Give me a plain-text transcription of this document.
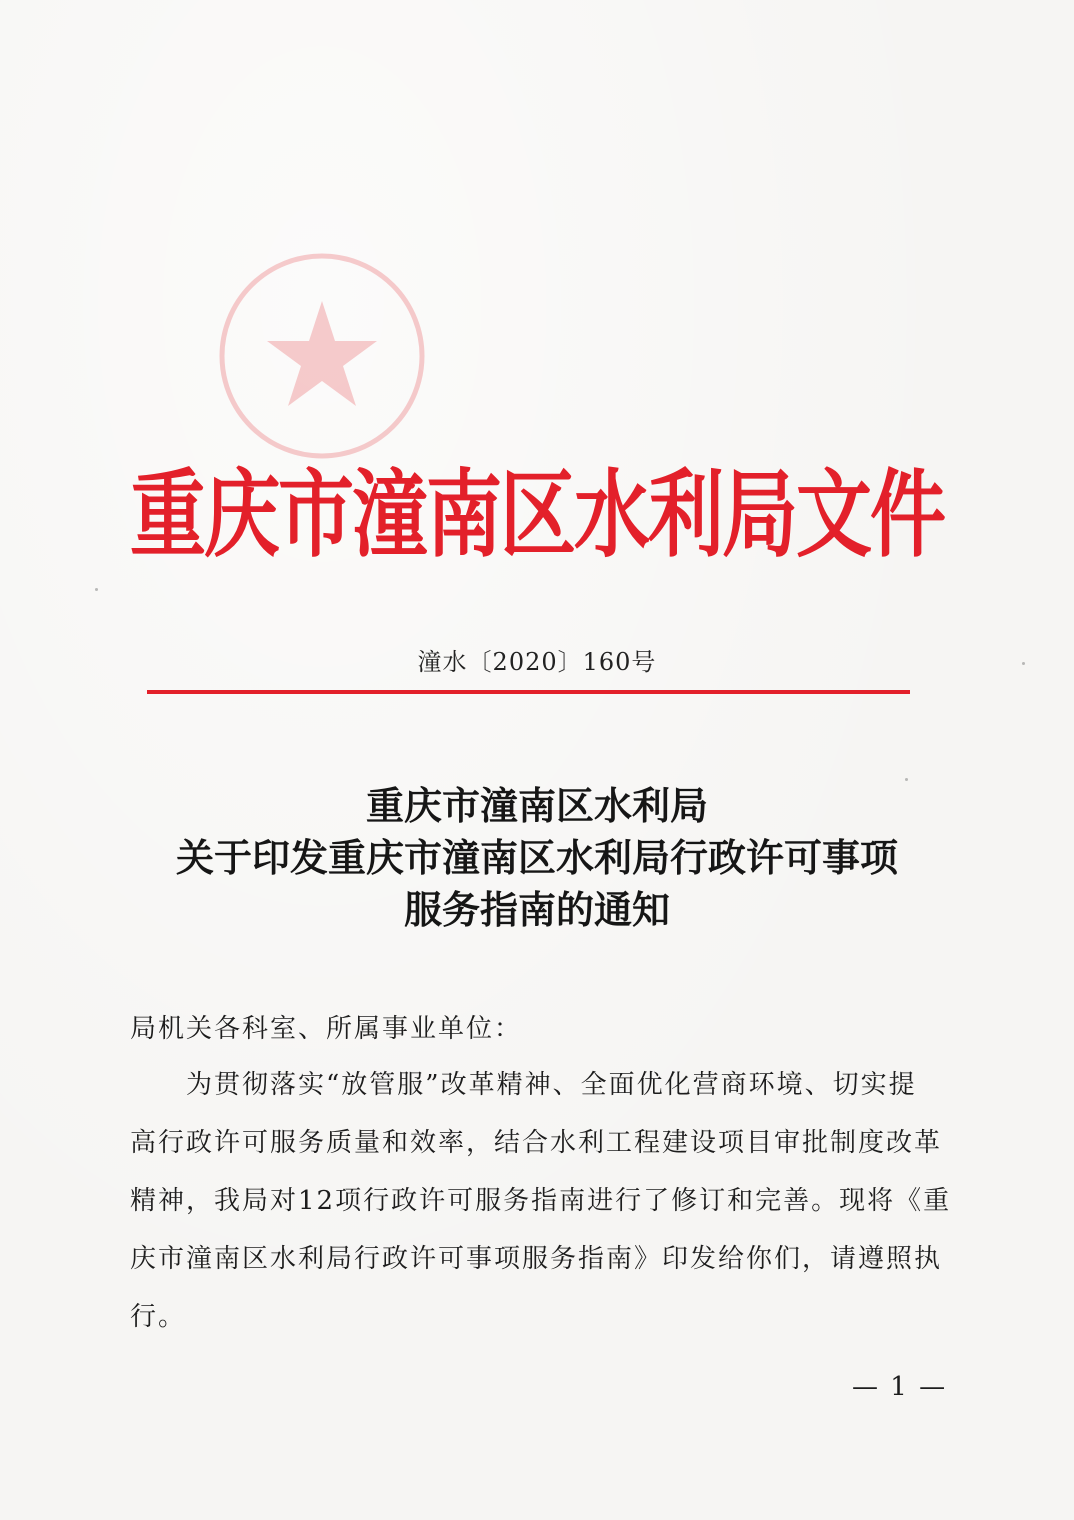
重庆市潼南区水利局文件
潼水〔2020〕160号
重庆市潼南区水利局
关于印发重庆市潼南区水利局行政许可事项
服务指南的通知
局机关各科室、所属事业单位：
为贯彻落实“放管服”改革精神、全面优化营商环境、切实提
高行政许可服务质量和效率，结合水利工程建设项目审批制度改革
精神，我局对12项行政许可服务指南进行了修订和完善。现将《重
庆市潼南区水利局行政许可事项服务指南》印发给你们，请遵照执
行。
— 1 —
